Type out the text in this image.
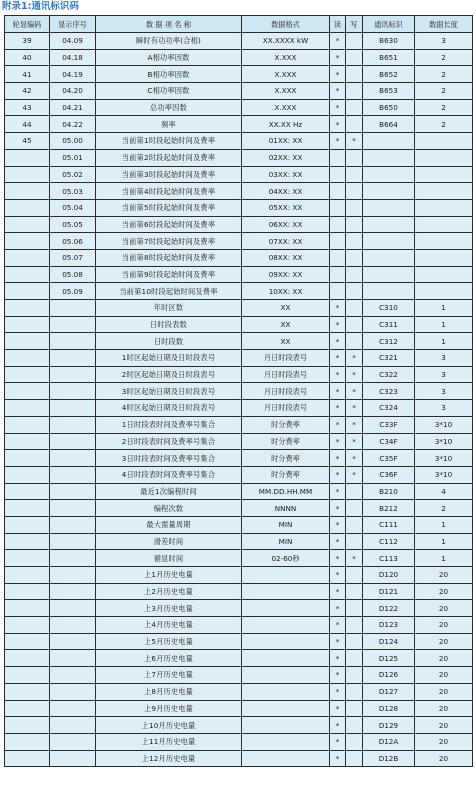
附录1:通讯标识码
轮显编码	显示序号	数 据 项 名 称	数据格式	读	写	通讯标识	数据长度
39	04.09	瞬时有功功率(合相)	XX.XXXX kW	*		B630	3
40	04.18	A相功率因数	X.XXX	*		B651	2
41	04.19	B相功率因数	X.XXX	*		B652	2
42	04.20	C相功率因数	X.XXX	*		B653	2
43	04.21	总功率因数	X.XXX	*		B650	2
44	04.22	频率	XX.XX Hz	*		B664	2
45	05.00	当前第1时段起始时间及费率	01XX: XX	*	*		
	05.01	当前第2时段起始时间及费率	02XX: XX				
	05.02	当前第3时段起始时间及费率	03XX: XX				
	05.03	当前第4时段起始时间及费率	04XX: XX				
	05.04	当前第5时段起始时间及费率	05XX: XX				
	05.05	当前第6时段起始时间及费率	06XX: XX				
	05.06	当前第7时段起始时间及费率	07XX: XX				
	05.07	当前第8时段起始时间及费率	08XX: XX				
	05.08	当前第9时段起始时间及费率	09XX: XX				
	05.09	当前第10时段起始时间及费率	10XX: XX				
		年时区数	XX	*		C310	1
		日时段表数	XX	*		C311	1
		日时段数	XX	*		C312	1
		1时区起始日期及日时段表号	月日时段表号	*	*	C321	3
		2时区起始日期及日时段表号	月日时段表号	*	*	C322	3
		3时区起始日期及日时段表号	月日时段表号	*	*	C323	3
		4时区起始日期及日时段表号	月日时段表号	*	*	C324	3
		1日时段表时间及费率号集合	时分费率	*	*	C33F	3*10
		2日时段表时间及费率号集合	时分费率	*	*	C34F	3*10
		3日时段表时间及费率号集合	时分费率	*	*	C35F	3*10
		4日时段表时间及费率号集合	时分费率	*	*	C36F	3*10
		最近1次编程时间	MM.DD.HH.MM	*		B210	4
		编程次数	NNNN	*		B212	2
		最大需量周期	MIN	*		C111	1
		滑差时间	MIN	*		C112	1
		循显时间	02-60秒	*	*	C113	1
		上1月历史电量		*		D120	20
		上2月历史电量		*		D121	20
		上3月历史电量		*		D122	20
		上4月历史电量		*		D123	20
		上5月历史电量		*		D124	20
		上6月历史电量		*		D125	20
		上7月历史电量		*		D126	20
		上8月历史电量		*		D127	20
		上9月历史电量		*		D128	20
		上10月历史电量		*		D129	20
		上11月历史电量		*		D12A	20
		上12月历史电量		*		D12B	20
